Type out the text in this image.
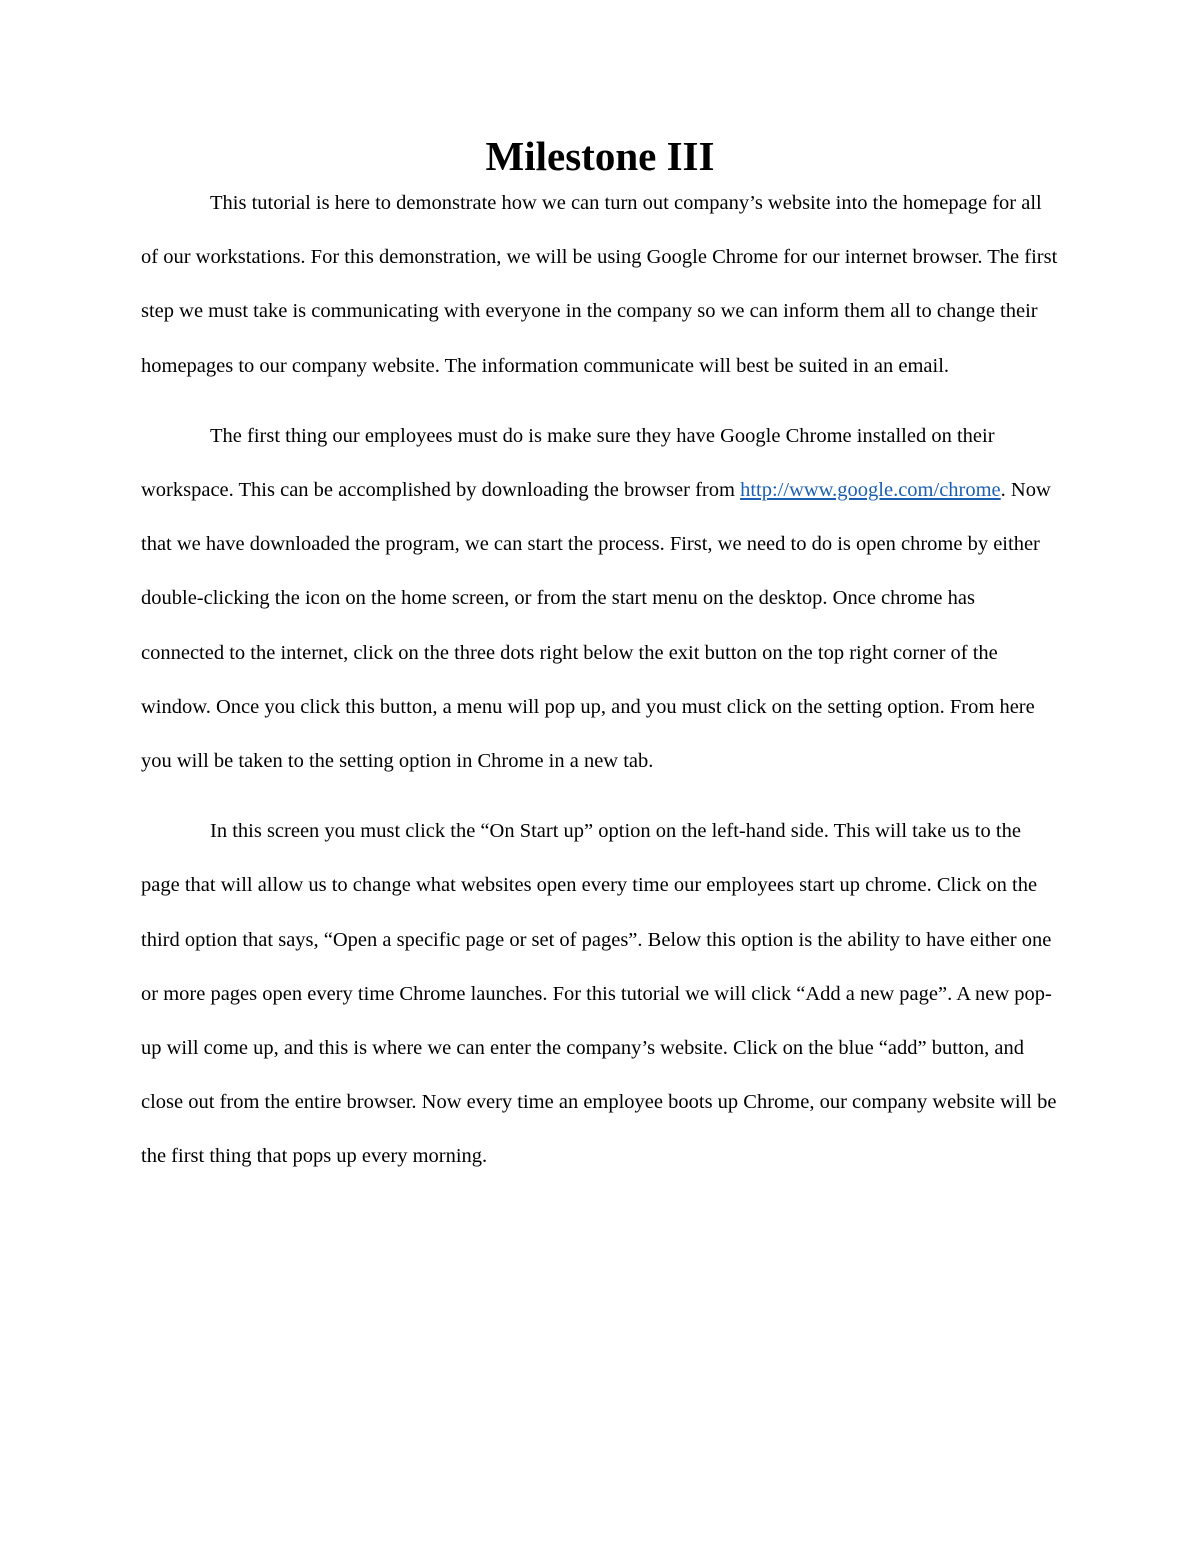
Milestone III

This tutorial is here to demonstrate how we can turn out company’s website into the homepage for all of our workstations. For this demonstration, we will be using Google Chrome for our internet browser. The first step we must take is communicating with everyone in the company so we can inform them all to change their homepages to our company website. The information communicate will best be suited in an email.

The first thing our employees must do is make sure they have Google Chrome installed on their workspace. This can be accomplished by downloading the browser from http://www.google.com/chrome. Now that we have downloaded the program, we can start the process. First, we need to do is open chrome by either double-clicking the icon on the home screen, or from the start menu on the desktop. Once chrome has connected to the internet, click on the three dots right below the exit button on the top right corner of the window. Once you click this button, a menu will pop up, and you must click on the setting option. From here you will be taken to the setting option in Chrome in a new tab.

In this screen you must click the “On Start up” option on the left-hand side. This will take us to the page that will allow us to change what websites open every time our employees start up chrome. Click on the third option that says, “Open a specific page or set of pages”. Below this option is the ability to have either one or more pages open every time Chrome launches. For this tutorial we will click “Add a new page”. A new pop-up will come up, and this is where we can enter the company’s website. Click on the blue “add” button, and close out from the entire browser. Now every time an employee boots up Chrome, our company website will be the first thing that pops up every morning.
